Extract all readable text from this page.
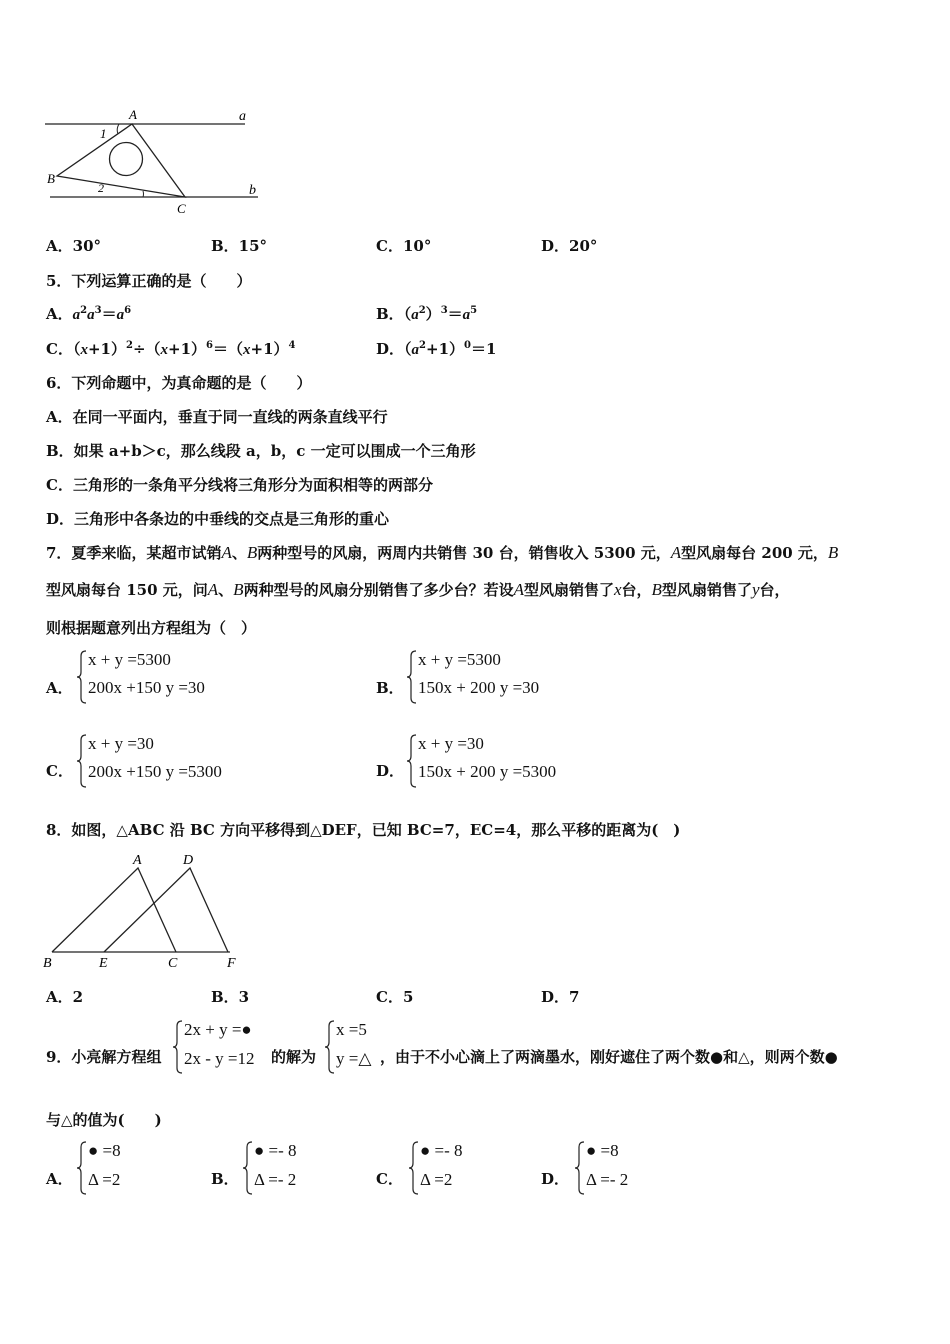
A	a
1
B
2	b
C
A．30°	B．15°	C．10°	D．20°
5．下列运算正确的是（　　）
A．$a^2a^3=a^6$	B．$(a^2)^3=a^5$
C．$(x+1)^2\div(x+1)^6=(x+1)^4$	D．$(a^2+1)^0=1$
6．下列命题中，为真命题的是（　　）
A．在同一平面内，垂直于同一直线的两条直线平行
B．如果 a+b＞c，那么线段 a，b，c 一定可以围成一个三角形
C．三角形的一条角平分线将三角形分为面积相等的两部分
D．三角形中各条边的中垂线的交点是三角形的重心
7．夏季来临，某超市试销A、B两种型号的风扇，两周内共销售 30 台，销售收入 5300 元，A型风扇每台 200 元，B
型风扇每台 150 元，问A、B两种型号的风扇分别销售了多少台？若设A型风扇销售了x台，B型风扇销售了y台，
则根据题意列出方程组为（　）
A．
x + y =5300
200x +150 y =30	B．
x + y =5300
150x + 200 y =30
C．
x + y =30
200x +150 y =5300	D．
x + y =30
150x + 200 y =5300
8．如图，△ABC 沿 BC 方向平移得到△DEF，已知 BC=7，EC=4，那么平移的距离为(　)
A	D
B	E	C	F
A．2	B．3	C．5	D．7
9．小亮解方程组
2x + y =●
2x - y =12 的解为
x =5
y =△ ，由于不小心滴上了两滴墨水，刚好遮住了两个数●和△，则两个数●
与△的值为(　　)
A．
● =8
Δ =2	B．
● =- 8
Δ =- 2	C．
● =- 8
Δ =2	D．
● =8
Δ =- 2
